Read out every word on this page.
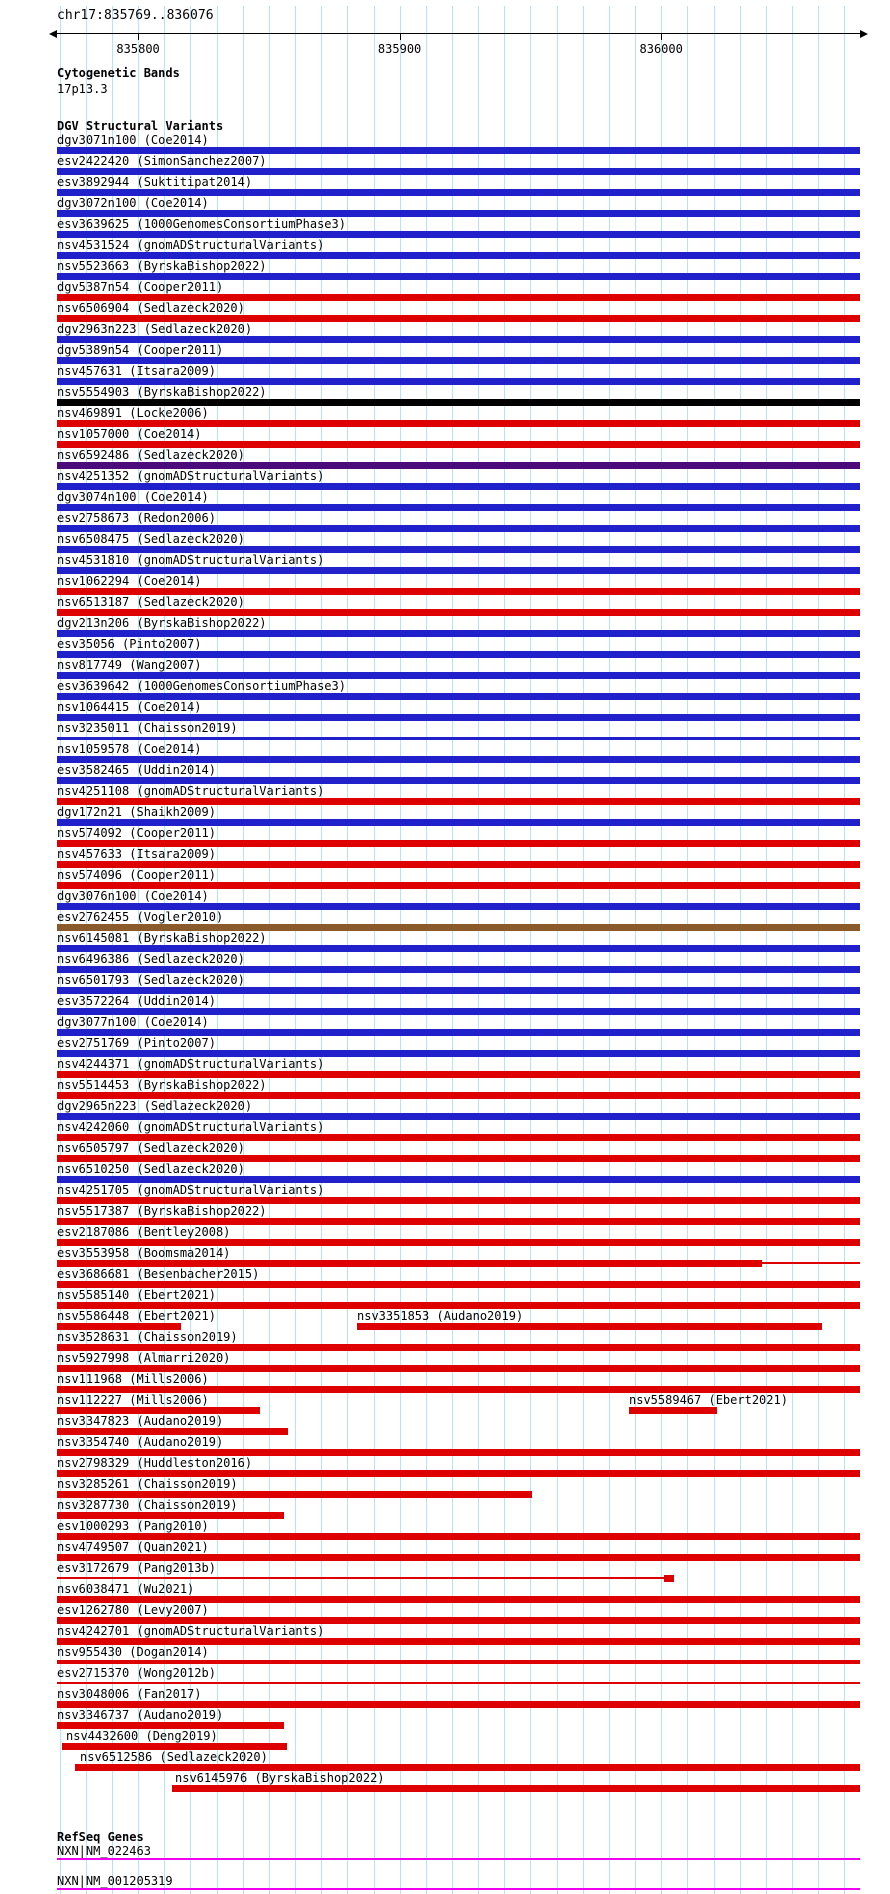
chr17:835769..836076
835800	835900	836000
Cytogenetic Bands
17p13.3
DGV Structural Variants
dgv3071n100 (Coe2014)
esv2422420 (SimonSanchez2007)
esv3892944 (Suktitipat2014)
dgv3072n100 (Coe2014)
esv3639625 (1000GenomesConsortiumPhase3)
nsv4531524 (gnomADStructuralVariants)
nsv5523663 (ByrskaBishop2022)
dgv5387n54 (Cooper2011)
nsv6506904 (Sedlazeck2020)
dgv2963n223 (Sedlazeck2020)
dgv5389n54 (Cooper2011)
nsv457631 (Itsara2009)
nsv5554903 (ByrskaBishop2022)
nsv469891 (Locke2006)
nsv1057000 (Coe2014)
nsv6592486 (Sedlazeck2020)
nsv4251352 (gnomADStructuralVariants)
dgv3074n100 (Coe2014)
esv2758673 (Redon2006)
nsv6508475 (Sedlazeck2020)
nsv4531810 (gnomADStructuralVariants)
nsv1062294 (Coe2014)
nsv6513187 (Sedlazeck2020)
dgv213n206 (ByrskaBishop2022)
esv35056 (Pinto2007)
nsv817749 (Wang2007)
esv3639642 (1000GenomesConsortiumPhase3)
nsv1064415 (Coe2014)
nsv3235011 (Chaisson2019)
nsv1059578 (Coe2014)
esv3582465 (Uddin2014)
nsv4251108 (gnomADStructuralVariants)
dgv172n21 (Shaikh2009)
nsv574092 (Cooper2011)
nsv457633 (Itsara2009)
nsv574096 (Cooper2011)
dgv3076n100 (Coe2014)
esv2762455 (Vogler2010)
nsv6145081 (ByrskaBishop2022)
nsv6496386 (Sedlazeck2020)
nsv6501793 (Sedlazeck2020)
esv3572264 (Uddin2014)
dgv3077n100 (Coe2014)
esv2751769 (Pinto2007)
nsv4244371 (gnomADStructuralVariants)
nsv5514453 (ByrskaBishop2022)
dgv2965n223 (Sedlazeck2020)
nsv4242060 (gnomADStructuralVariants)
nsv6505797 (Sedlazeck2020)
nsv6510250 (Sedlazeck2020)
nsv4251705 (gnomADStructuralVariants)
nsv5517387 (ByrskaBishop2022)
esv2187086 (Bentley2008)
esv3553958 (Boomsma2014)
esv3686681 (Besenbacher2015)
nsv5585140 (Ebert2021)
nsv5586448 (Ebert2021)	nsv3351853 (Audano2019)
nsv3528631 (Chaisson2019)
nsv5927998 (Almarri2020)
nsv111968 (Mills2006)
nsv112227 (Mills2006)	nsv5589467 (Ebert2021)
nsv3347823 (Audano2019)
nsv3354740 (Audano2019)
nsv2798329 (Huddleston2016)
nsv3285261 (Chaisson2019)
nsv3287730 (Chaisson2019)
esv1000293 (Pang2010)
nsv4749507 (Quan2021)
esv3172679 (Pang2013b)
nsv6038471 (Wu2021)
esv1262780 (Levy2007)
nsv4242701 (gnomADStructuralVariants)
nsv955430 (Dogan2014)
esv2715370 (Wong2012b)
nsv3048006 (Fan2017)
nsv3346737 (Audano2019)
nsv4432600 (Deng2019)
nsv6512586 (Sedlazeck2020)
nsv6145976 (ByrskaBishop2022)
RefSeq Genes
NXN|NM_022463
NXN|NM_001205319
